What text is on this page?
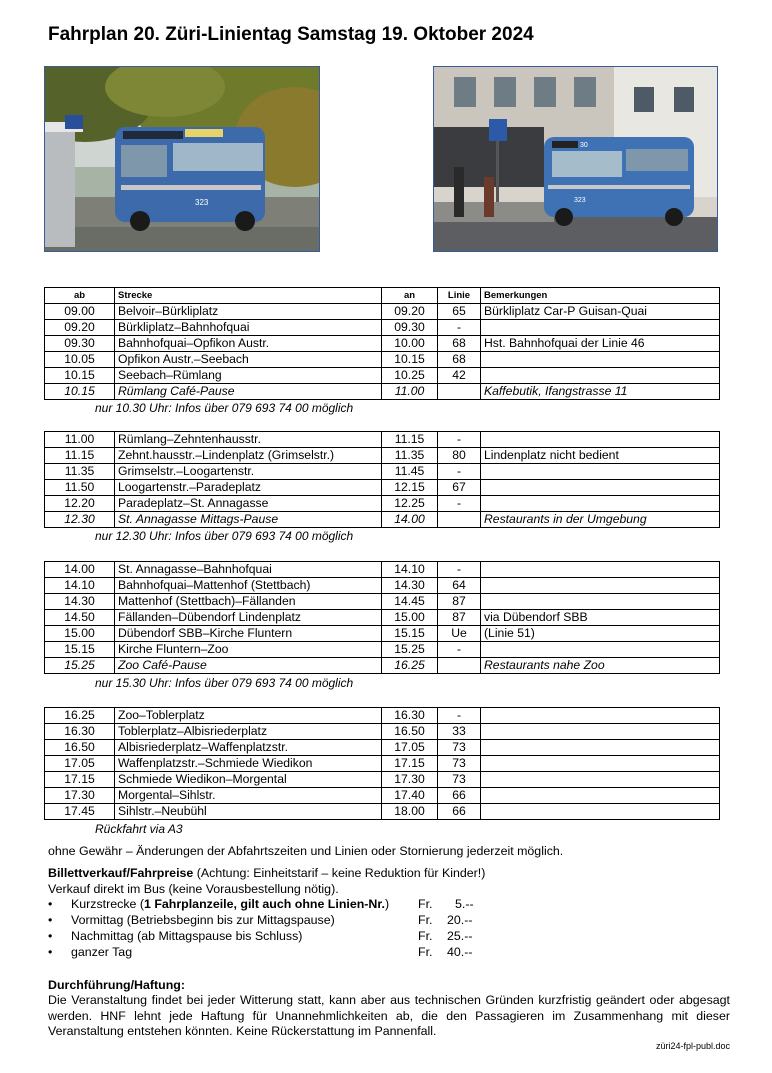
Fahrplan 20. Züri-Linientag Samstag 19. Oktober 2024
323
30
323
ab	Strecke	an	Linie	Bemerkungen
09.00	Belvoir–Bürkliplatz	09.20	65	Bürkliplatz Car-P Guisan-Quai
09.20	Bürkliplatz–Bahnhofquai	09.30	-	
09.30	Bahnhofquai–Opfikon Austr.	10.00	68	Hst. Bahnhofquai der Linie 46
10.05	Opfikon Austr.–Seebach	10.15	68	
10.15	Seebach–Rümlang	10.25	42	
10.15	Rümlang Café-Pause	11.00		Kaffebutik, Ifangstrasse 11
nur 10.30 Uhr: Infos über 079 693 74 00 möglich
11.00	Rümlang–Zehntenhausstr.	11.15	-	
11.15	Zehnt.hausstr.–Lindenplatz (Grimselstr.)	11.35	80	Lindenplatz nicht bedient
11.35	Grimselstr.–Loogartenstr.	11.45	-	
11.50	Loogartenstr.–Paradeplatz	12.15	67	
12.20	Paradeplatz–St. Annagasse	12.25	-	
12.30	St. Annagasse Mittags-Pause	14.00		Restaurants in der Umgebung
nur 12.30 Uhr: Infos über 079 693 74 00 möglich
14.00	St. Annagasse–Bahnhofquai	14.10	-	
14.10	Bahnhofquai–Mattenhof (Stettbach)	14.30	64	
14.30	Mattenhof (Stettbach)–Fällanden	14.45	87	
14.50	Fällanden–Dübendorf Lindenplatz	15.00	87	via Dübendorf SBB
15.00	Dübendorf SBB–Kirche Fluntern	15.15	Ue	(Linie 51)
15.15	Kirche Fluntern–Zoo	15.25	-	
15.25	Zoo Café-Pause	16.25		Restaurants nahe Zoo
nur 15.30 Uhr: Infos über 079 693 74 00 möglich
16.25	Zoo–Toblerplatz	16.30	-	
16.30	Toblerplatz–Albisriederplatz	16.50	33	
16.50	Albisriederplatz–Waffenplatzstr.	17.05	73	
17.05	Waffenplatzstr.–Schmiede Wiedikon	17.15	73	
17.15	Schmiede Wiedikon–Morgental	17.30	73	
17.30	Morgental–Sihlstr.	17.40	66	
17.45	Sihlstr.–Neubühl	18.00	66	
Rückfahrt via A3
ohne Gewähr – Änderungen der Abfahrtszeiten und Linien oder Stornierung jederzeit möglich.
Billettverkauf/Fahrpreise (Achtung: Einheitstarif – keine Reduktion für Kinder!)
Verkauf direkt im Bus (keine Vorausbestellung nötig).
• Kurzstrecke (1 Fahrplanzeile, gilt auch ohne Linien-Nr.) Fr. 5.--
• Vormittag (Betriebsbeginn bis zur Mittagspause)	Fr. 20.--
• Nachmittag (ab Mittagspause bis Schluss)	Fr. 25.--
• ganzer Tag	Fr. 40.--
Durchführung/Haftung:
Die Veranstaltung findet bei jeder Witterung statt, kann aber aus technischen Gründen kurzfristig geändert oder abgesagt werden. HNF lehnt jede Haftung für Unannehmlichkeiten ab, die den Passagieren im Zusammenhang mit dieser Veranstaltung entstehen könnten. Keine Rückerstattung im Pannenfall.
züri24-fpl-publ.doc
